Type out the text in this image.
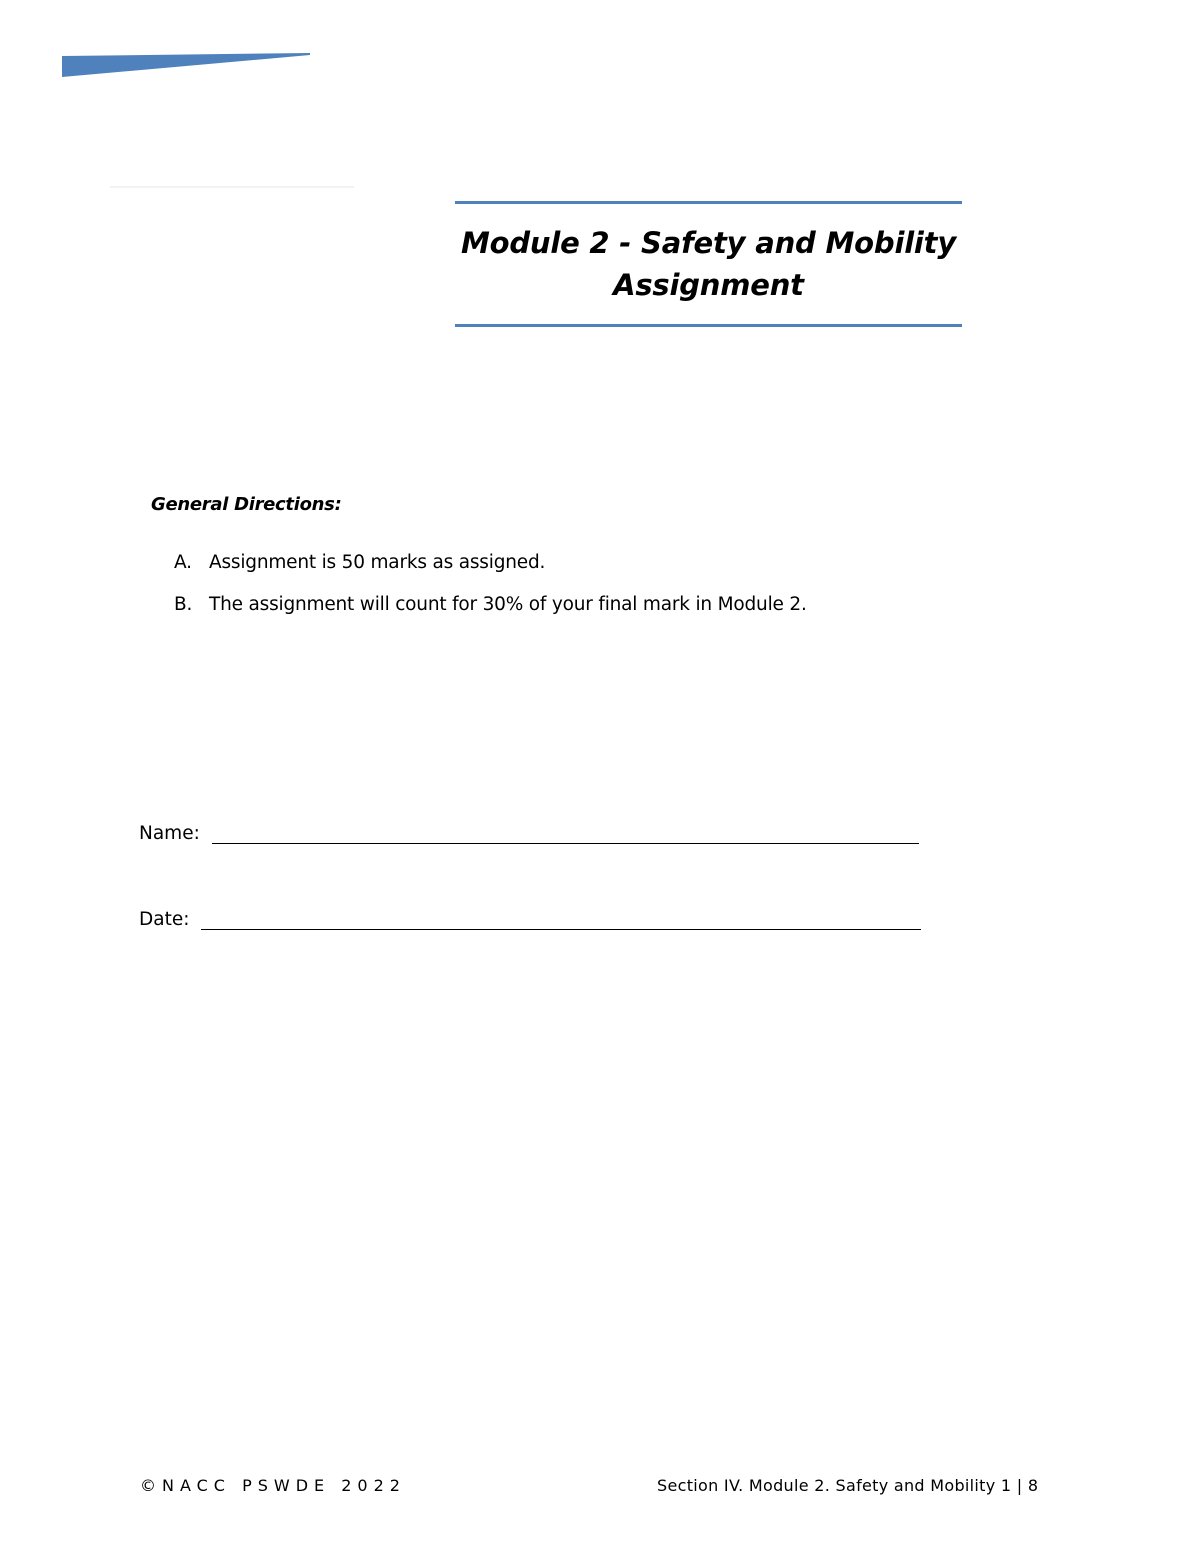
Module 2 - Safety and Mobility
Assignment

General Directions:

A. Assignment is 50 marks as assigned.
B. The assignment will count for 30% of your final mark in Module 2.
Name:
Date:
©NACC PSWDE 2022	Section IV. Module 2. Safety and Mobility 1 | 8
